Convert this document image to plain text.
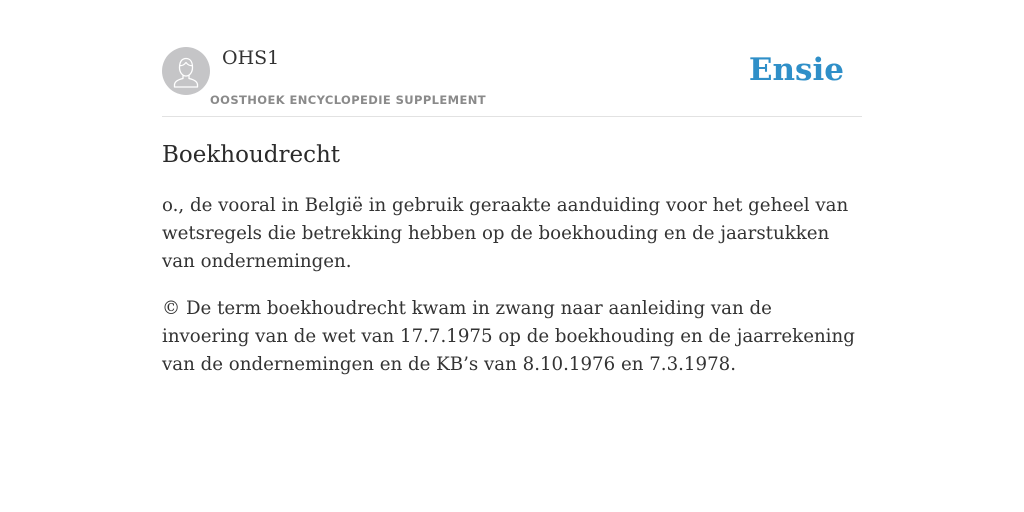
OHS1
OOSTHOEK ENCYCLOPEDIE SUPPLEMENT
Ensie
Boekhoudrecht

o., de vooral in België in gebruik geraakte aanduiding voor het geheel van wetsregels die betrekking hebben op de boekhouding en de jaarstukken van ondernemingen.

© De term boekhoudrecht kwam in zwang naar aanleiding van de invoering van de wet van 17.7.1975 op de boekhouding en de jaarrekening van de ondernemingen en de KB’s van 8.10.1976 en 7.3.1978.
